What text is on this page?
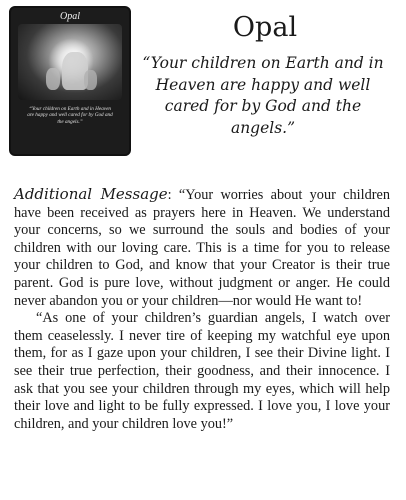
Opal
“Your children on Earth and in Heaven are happy and well cared for by God and the angels.”
Opal

“Your children on Earth and in Heaven are happy and well cared for by God and the angels.”

Additional Message: “Your worries about your children have been received as prayers here in Heaven. We understand your concerns, so we surround the souls and bodies of your children with our loving care. This is a time for you to release your children to God, and know that your Creator is their true parent. God is pure love, without judgment or anger. He could never abandon you or your children—nor would He want to!

“As one of your children’s guardian angels, I watch over them ceaselessly. I never tire of keeping my watchful eye upon them, for as I gaze upon your children, I see their Divine light. I see their true perfection, their goodness, and their innocence. I ask that you see your children through my eyes, which will help their love and light to be fully expressed. I love you, I love your children, and your children love you!”
